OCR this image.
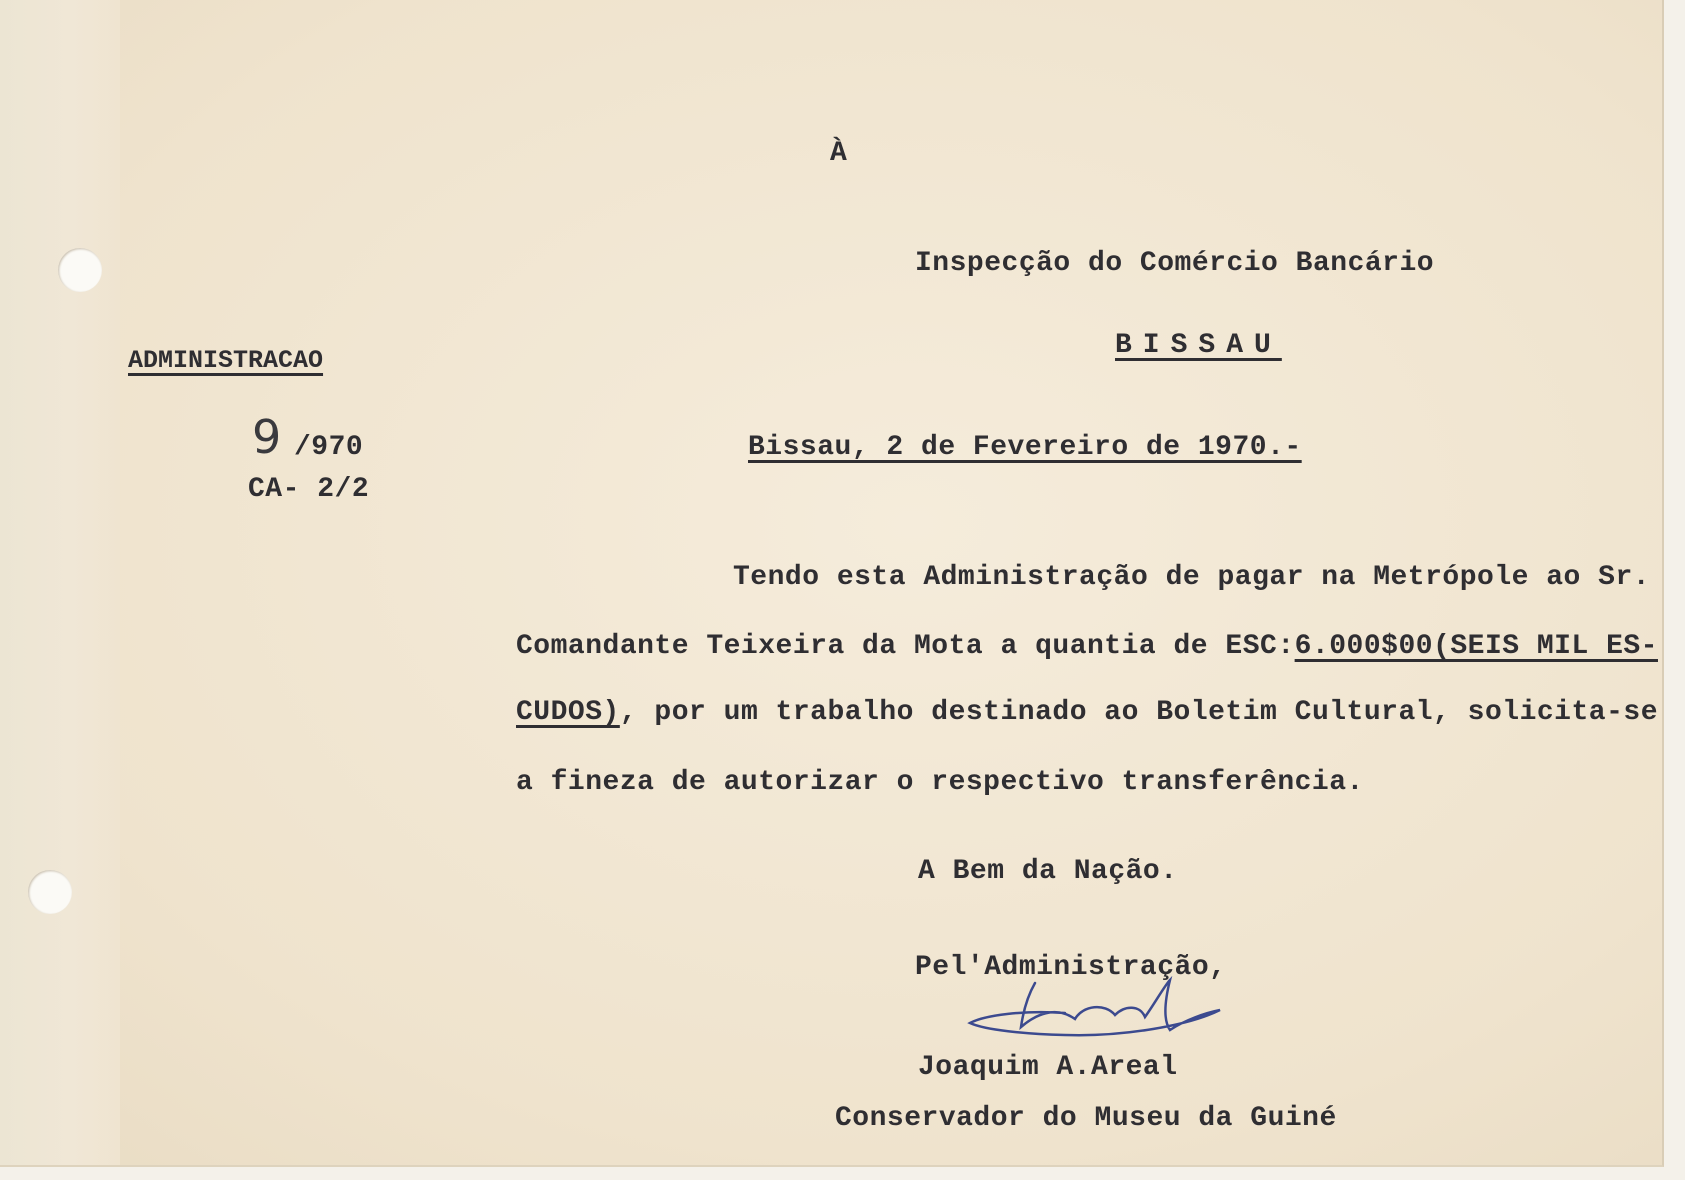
À
Inspecção do Comércio Bancário
BISSAU
ADMINISTRACAO
9 /970
CA- 2/2
Bissau, 2 de Fevereiro de 1970.-
Tendo esta Administração de pagar na Metrópole ao Sr.
Comandante Teixeira da Mota a quantia de ESC:6.000$00(SEIS MIL ES-
CUDOS), por um trabalho destinado ao Boletim Cultural, solicita-se
a fineza de autorizar o respectivo transferência.
A Bem da Nação.
Pel'Administração,
Joaquim A.Areal
Conservador do Museu da Guiné
